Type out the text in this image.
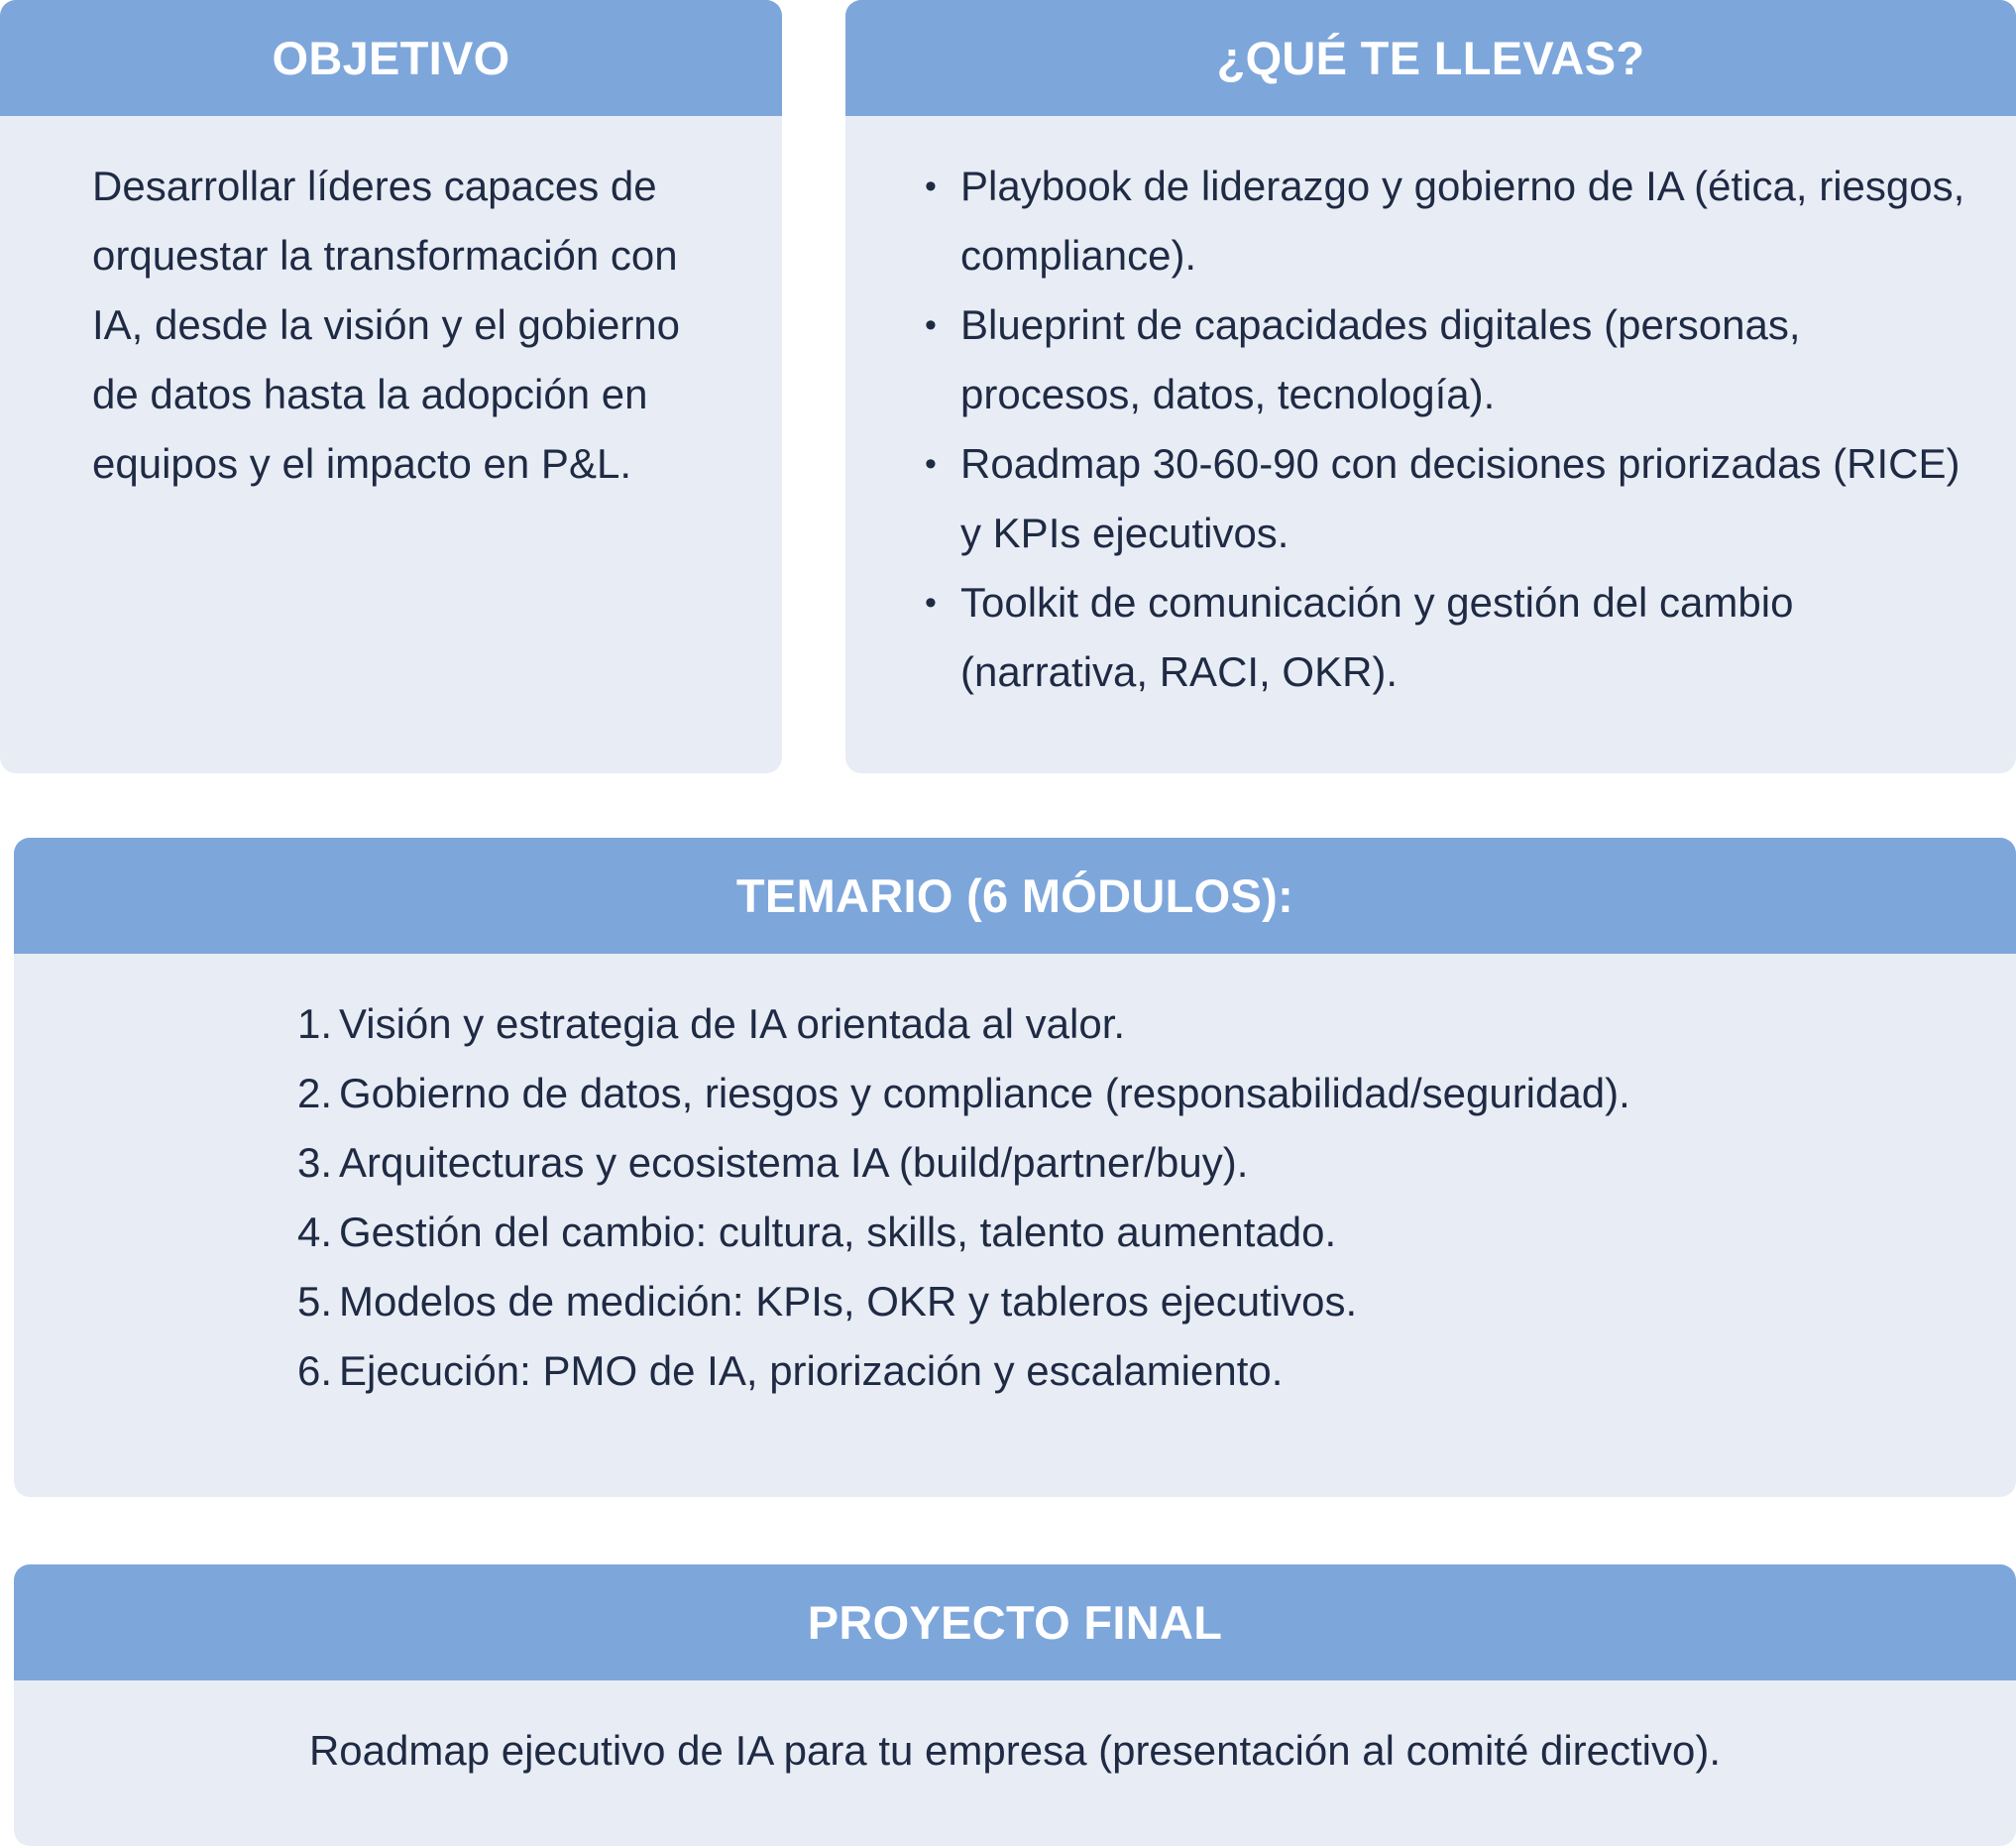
OBJETIVO
Desarrollar líderes capaces de orquestar la transformación con IA, desde la visión y el gobierno de datos hasta la adopción en equipos y el impacto en P&L.
¿QUÉ TE LLEVAS?
• Playbook de liderazgo y gobierno de IA (ética, riesgos, compliance).
• Blueprint de capacidades digitales (personas, procesos, datos, tecnología).
• Roadmap 30-60-90 con decisiones priorizadas (RICE) y KPIs ejecutivos.
• Toolkit de comunicación y gestión del cambio (narrativa, RACI, OKR).
TEMARIO (6 MÓDULOS):
1. Visión y estrategia de IA orientada al valor.
2. Gobierno de datos, riesgos y compliance (responsabilidad/seguridad).
3. Arquitecturas y ecosistema IA (build/partner/buy).
4. Gestión del cambio: cultura, skills, talento aumentado.
5. Modelos de medición: KPIs, OKR y tableros ejecutivos.
6. Ejecución: PMO de IA, priorización y escalamiento.
PROYECTO FINAL
Roadmap ejecutivo de IA para tu empresa (presentación al comité directivo).
